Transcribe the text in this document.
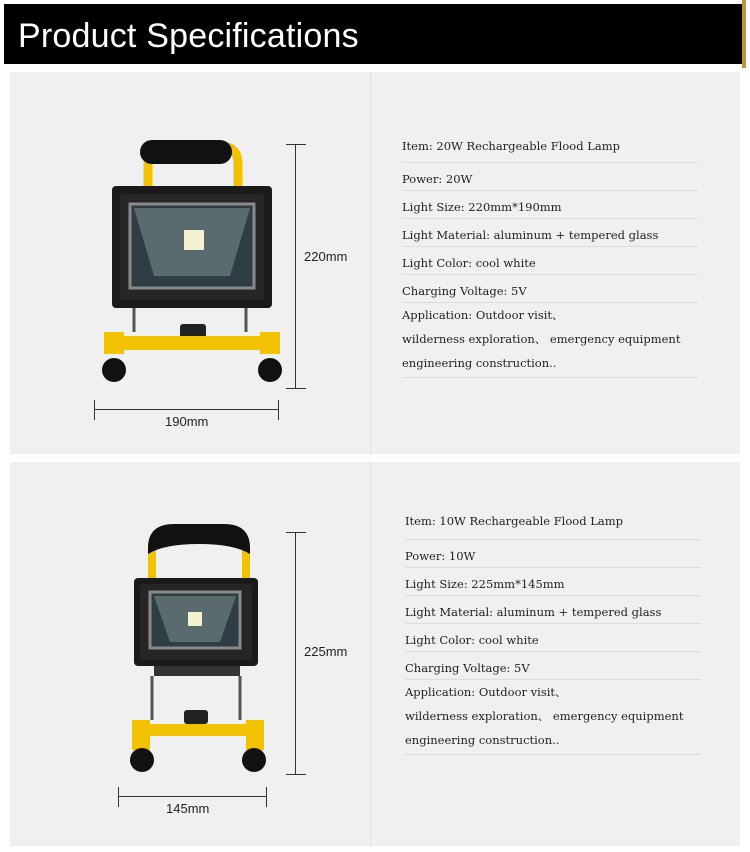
Product Specifications
220mm
190mm
Item: 20W Rechargeable Flood Lamp
Power: 20W
Light Size: 220mm*190mm
Light Material: aluminum + tempered glass
Light Color: cool white
Charging Voltage: 5V
Application: Outdoor visit、
wilderness exploration、 emergency equipment
engineering construction..
225mm
145mm
Item: 10W Rechargeable Flood Lamp
Power: 10W
Light Size: 225mm*145mm
Light Material: aluminum + tempered glass
Light Color: cool white
Charging Voltage: 5V
Application: Outdoor visit、
wilderness exploration、 emergency equipment
engineering construction..
